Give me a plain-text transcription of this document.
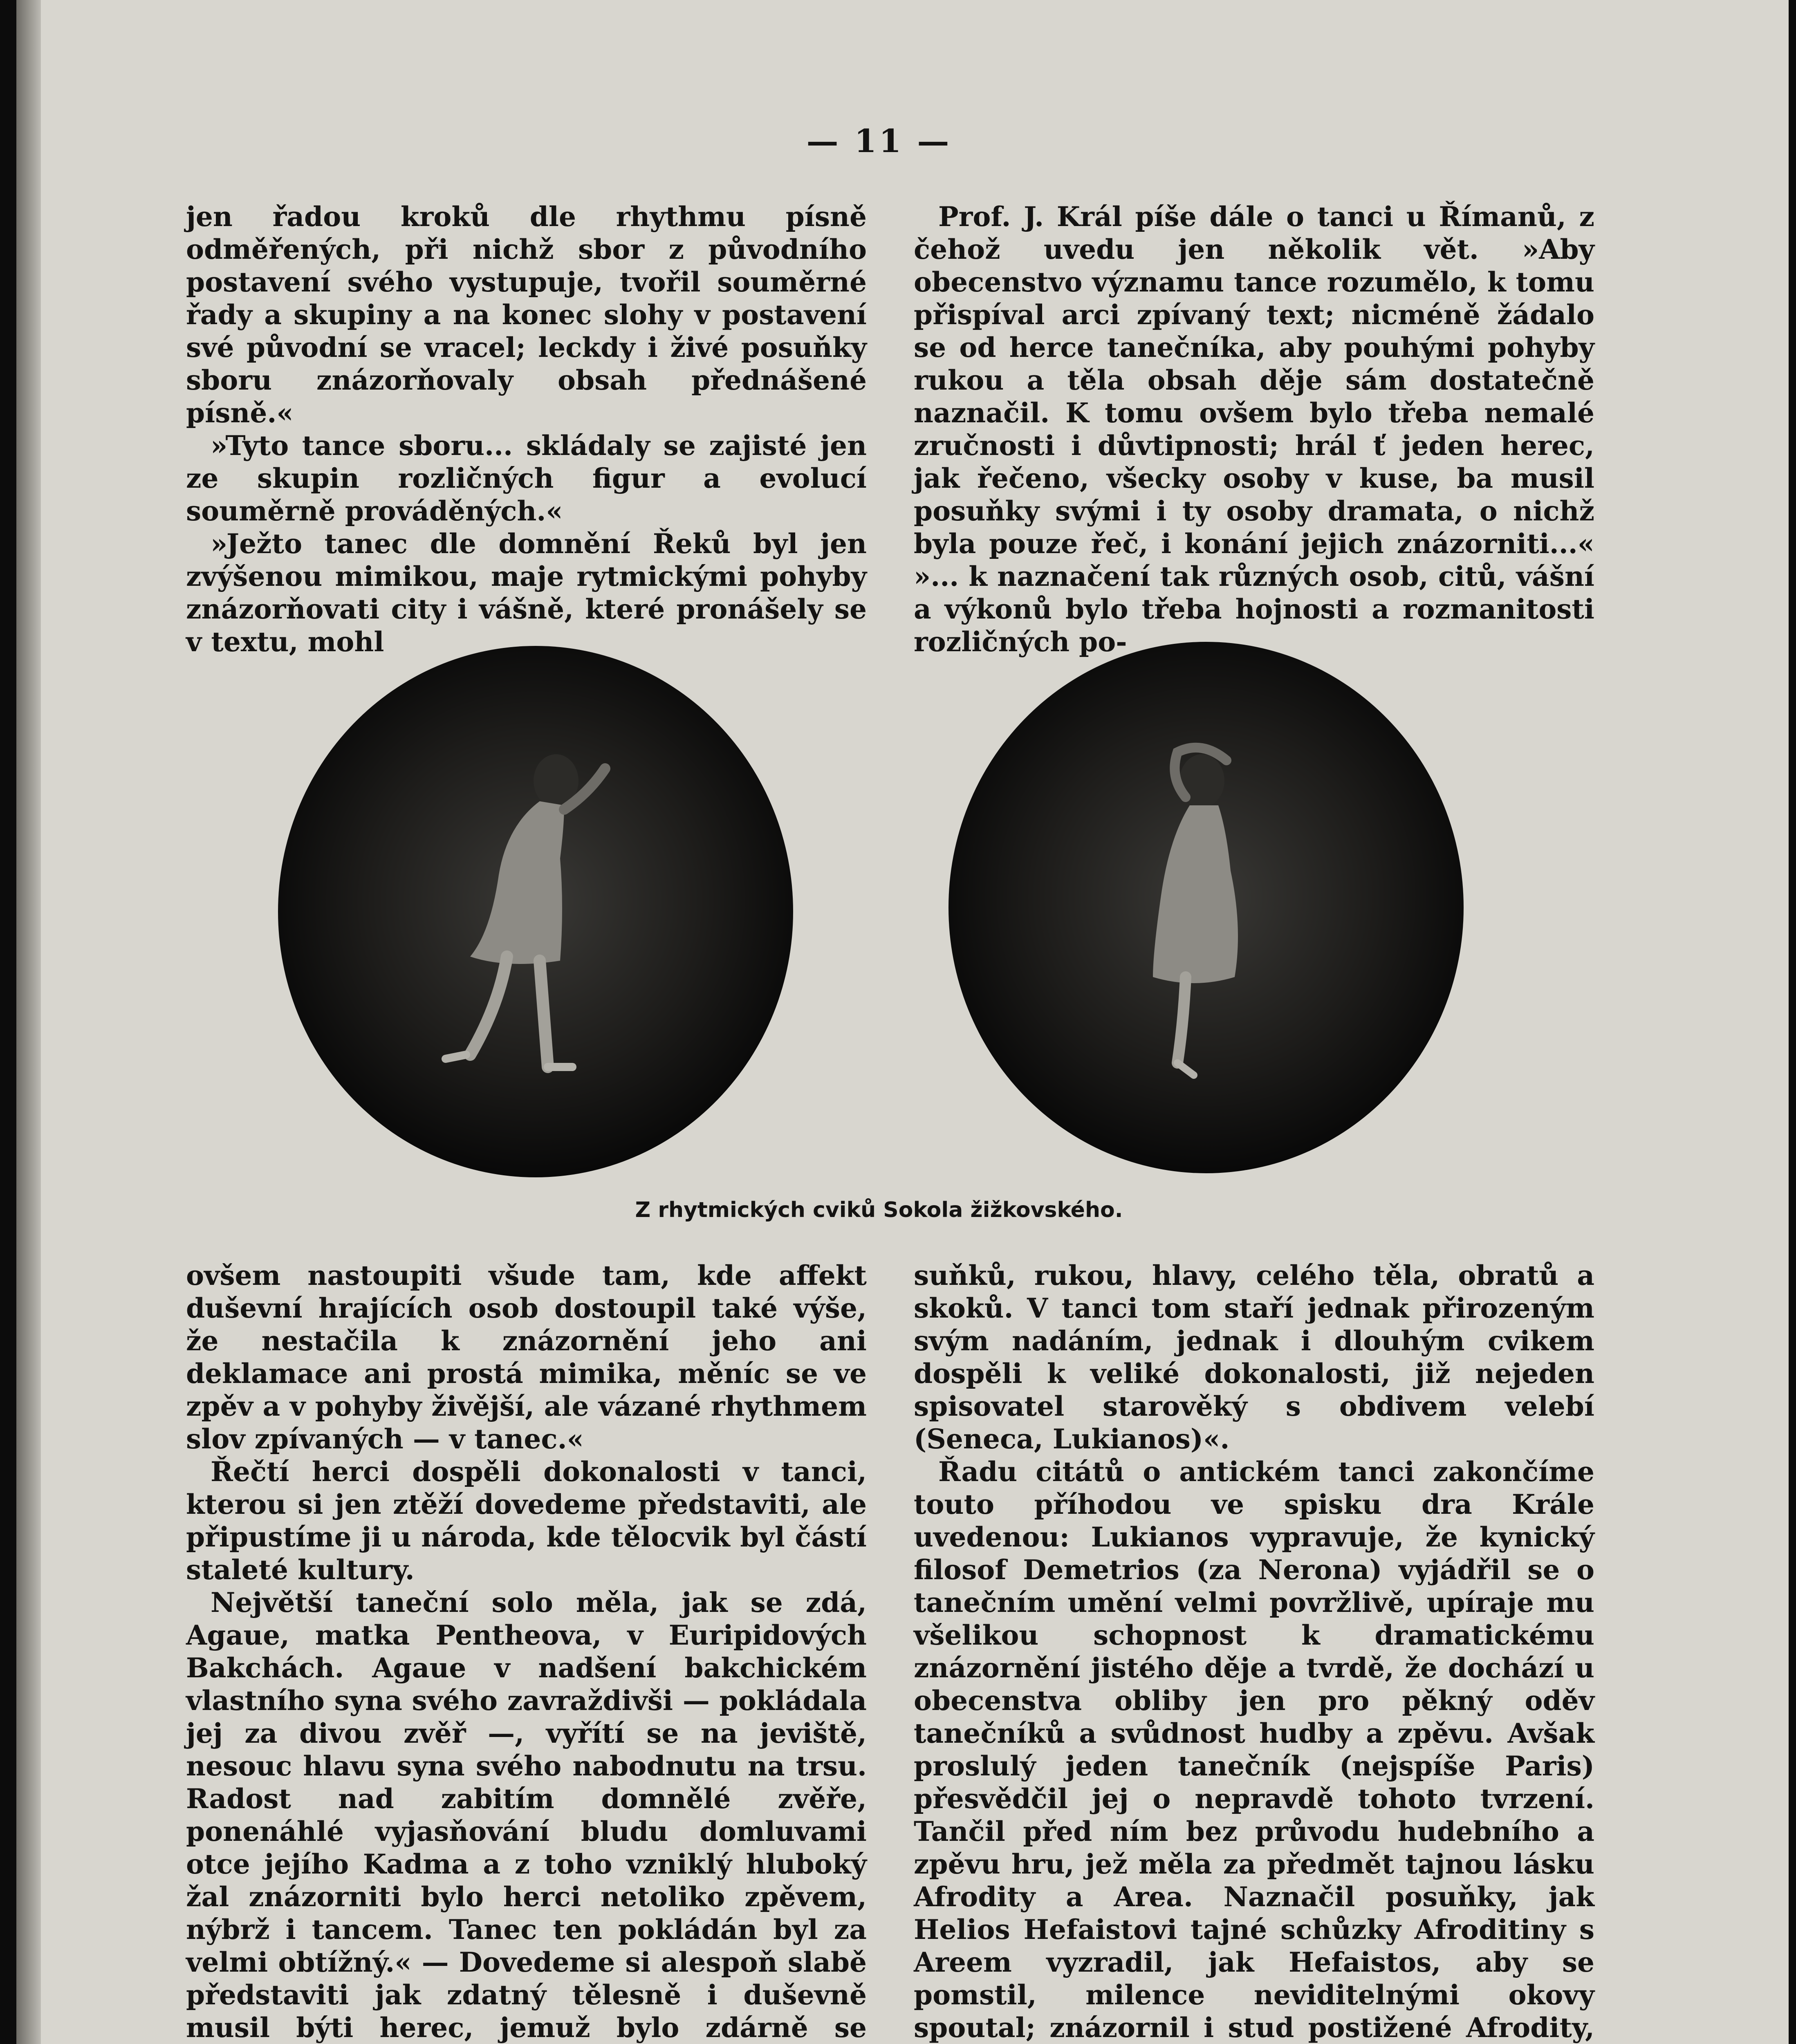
— 11 —

jen řadou kroků dle rhythmu písně odměřených, při nichž sbor z původního postavení svého vystupuje, tvořil souměrné řady a skupiny a na konec slohy v postavení své původní se vracel; leckdy i živé posuňky sboru znázorňovaly obsah přednášené písně.«

»Tyto tance sboru... skládaly se zajisté jen ze skupin rozličných figur a evolucí souměrně prováděných.«

»Ježto tanec dle domnění Řeků byl jen zvýšenou mimikou, maje rytmickými pohyby znázorňovati city i vášně, které pronášely se v textu, mohl

Prof. J. Král píše dále o tanci u Římanů, z čehož uvedu jen několik vět. »Aby obecenstvo významu tance rozumělo, k tomu přispíval arci zpívaný text; nicméně žádalo se od herce tanečníka, aby pouhými pohyby rukou a těla obsah děje sám dostatečně naznačil. K tomu ovšem bylo třeba nemalé zručnosti i důvtipnosti; hrál ť jeden herec, jak řečeno, všecky osoby v kuse, ba musil posuňky svými i ty osoby dramata, o nichž byla pouze řeč, i konání jejich znázorniti...« »... k naznačení tak různých osob, citů, vášní a výkonů bylo třeba hojnosti a rozmanitosti rozličných po-

Z rhytmických cviků Sokola žižkovského.

ovšem nastoupiti všude tam, kde affekt duševní hrajících osob dostoupil také výše, že nestačila k znázornění jeho ani deklamace ani prostá mimika, měníc se ve zpěv a v pohyby živější, ale vázané rhythmem slov zpívaných — v tanec.«

Řečtí herci dospěli dokonalosti v tanci, kterou si jen ztěží dovedeme představiti, ale připustíme ji u národa, kde tělocvik byl částí staleté kultury.

Největší taneční solo měla, jak se zdá, Agaue, matka Pentheova, v Euripidových Bakchách. Agaue v nadšení bakchickém vlastního syna svého zavraždivši — pokládala jej za divou zvěř —, vyřítí se na jeviště, nesouc hlavu syna svého nabodnutu na trsu. Radost nad zabitím domnělé zvěře, ponenáhlé vyjasňování bludu domluvami otce jejího Kadma a z toho vzniklý hluboký žal znázorniti bylo herci netoliko zpěvem, nýbrž i tancem. Tanec ten pokládán byl za velmi obtížný.« — Dovedeme si alespoň slabě představiti jak zdatný tělesně i duševně musil býti herec, jemuž bylo zdárně se

suňků, rukou, hlavy, celého těla, obratů a skoků. V tanci tom staří jednak přirozeným svým nadáním, jednak i dlouhým cvikem dospěli k veliké dokonalosti, již nejeden spisovatel starověký s obdivem velebí (Seneca, Lukianos)«.

Řadu citátů o antickém tanci zakončíme touto příhodou ve spisku dra Krále uvedenou: Lukianos vypravuje, že kynický filosof Demetrios (za Nerona) vyjádřil se o tanečním umění velmi povržlivě, upíraje mu všelikou schopnost k dramatickému znázornění jistého děje a tvrdě, že dochází u obecenstva obliby jen pro pěkný oděv tanečníků a svůdnost hudby a zpěvu. Avšak proslulý jeden tanečník (nejspíše Paris) přesvědčil jej o nepravdě tohoto tvrzení. Tančil před ním bez průvodu hudebního a zpěvu hru, jež měla za předmět tajnou lásku Afrodity a Area. Naznačil posuňky, jak Helios Hefaistovi tajné schůzky Afroditiny s Areem vyzradil, jak Hefaistos, aby se pomstil, milence neviditelnými okovy spoutal; znázornil i stud postižené Afrodity,
